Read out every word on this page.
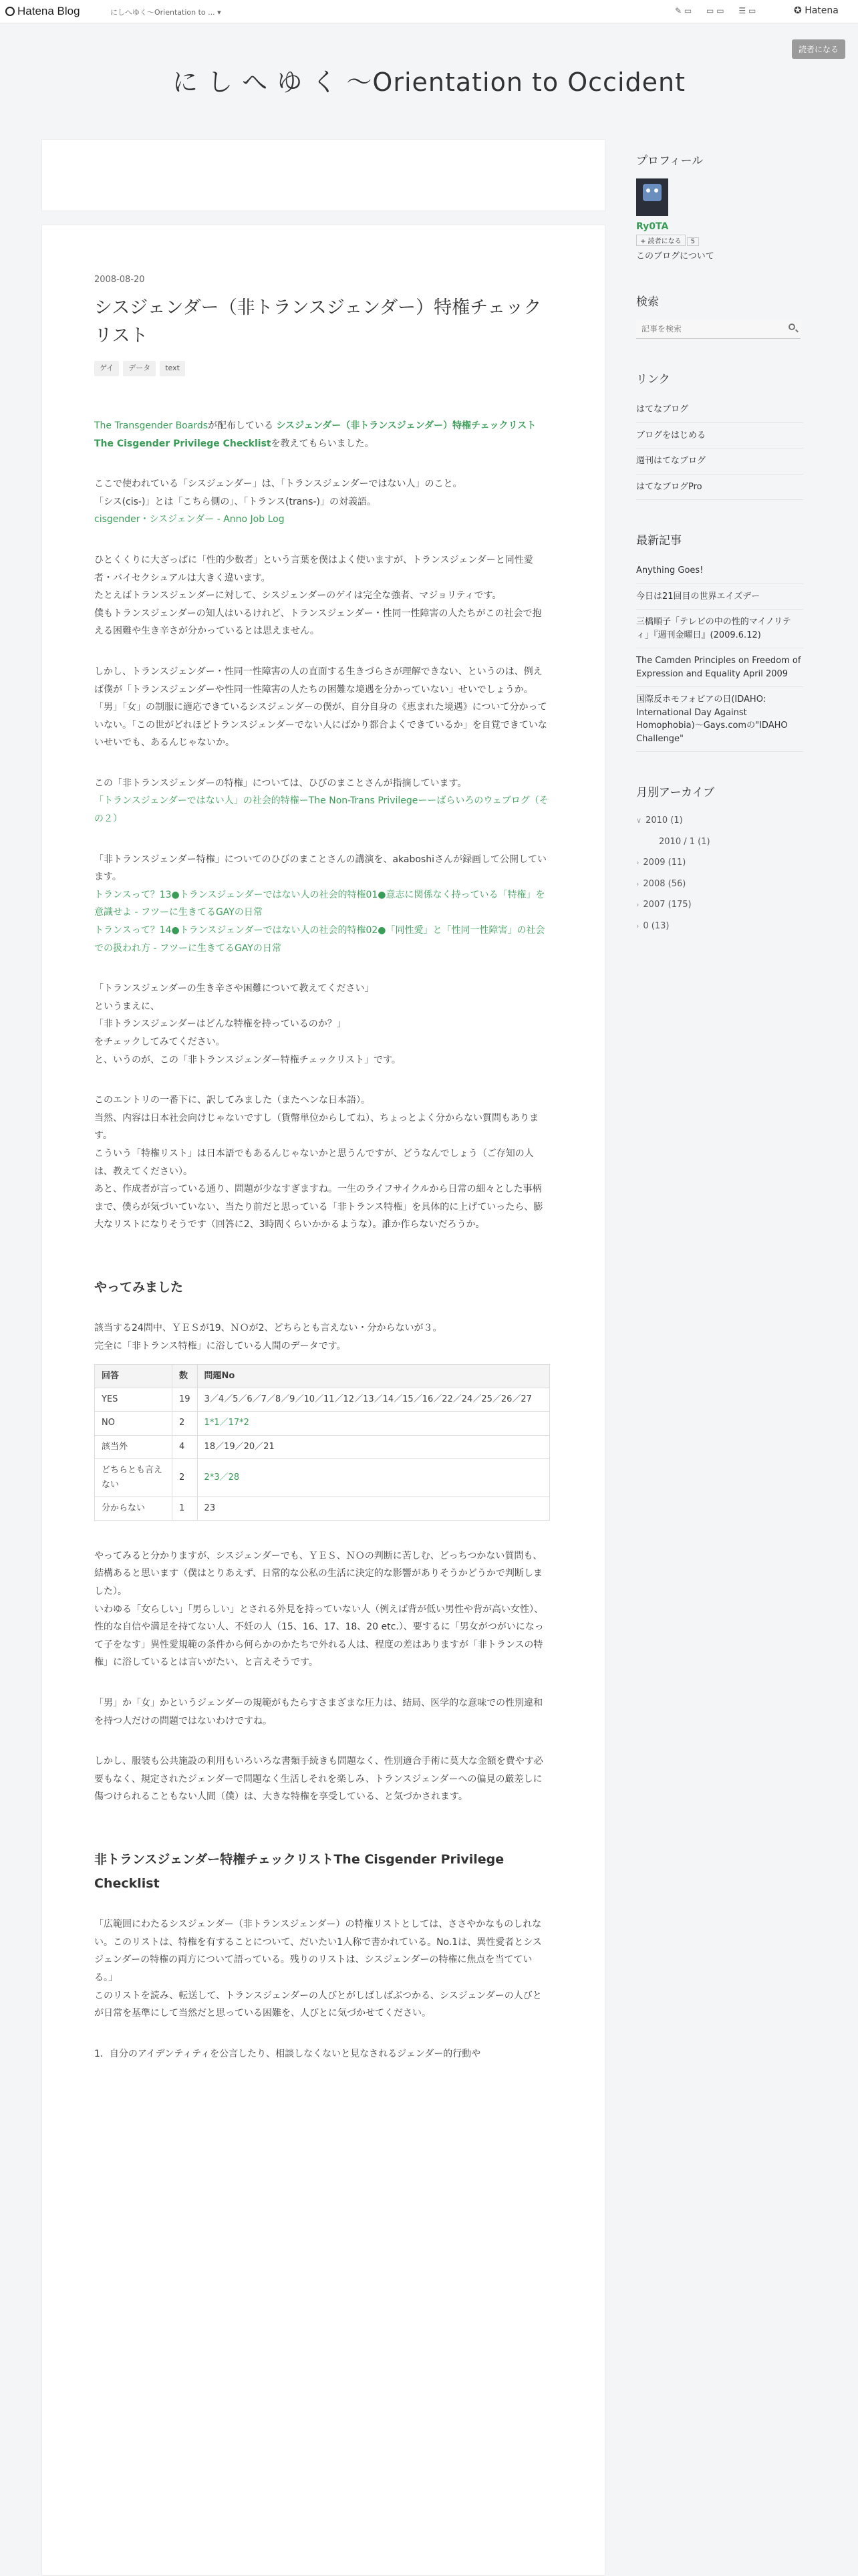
Hatena Blog	にしへゆく〜Orientation to ... ▾	✎ ▭ ▭ ▭ ☰ ▭	✪ Hatena
に し へ ゆ く 〜Orientation to Occident
読者になる
2008-08-20
シスジェンダー（非トランスジェンダー）特権チェックリスト
ゲイ データ text

The Transgender Boardsが配布している シスジェンダー（非トランスジェンダー）特権チェックリストThe Cisgender Privilege Checklistを教えてもらいました。

ここで使われている「シスジェンダー」は、「トランスジェンダーではない人」のこと。
「シス(cis-)」とは「こちら側の」、「トランス(trans-)」の対義語。
cisgender・シスジェンダー - Anno Job Log

ひとくくりに大ざっぱに「性的少数者」という言葉を僕はよく使いますが、トランスジェンダーと同性愛者・バイセクシュアルは大きく違います。
たとえばトランスジェンダーに対して、シスジェンダーのゲイは完全な強者、マジョリティです。
僕もトランスジェンダーの知人はいるけれど、トランスジェンダー・性同一性障害の人たちがこの社会で抱える困難や生き辛さが分かっているとは思えません。

しかし、トランスジェンダー・性同一性障害の人の直面する生きづらさが理解できない、というのは、例えば僕が「トランスジェンダーや性同一性障害の人たちの困難な境遇を分かっていない」せいでしょうか。
「男」「女」の制服に適応できているシスジェンダーの僕が、自分自身の《恵まれた境遇》について分かっていない。「この世がどれほどトランスジェンダーでない人にばかり都合よくできているか」を自覚できていないせいでも、あるんじゃないか。

この「非トランスジェンダーの特権」については、ひびのまことさんが指摘しています。
「トランスジェンダーではない人」の社会的特権ーThe Non-Trans Privilegeーーばらいろのウェブログ（その２）

「非トランスジェンダー特権」についてのひびのまことさんの講演を、akaboshiさんが録画して公開しています。
トランスって？13●トランスジェンダーではない人の社会的特権01●意志に関係なく持っている「特権」を意識せよ - フツーに生きてるGAYの日常
トランスって？14●トランスジェンダーではない人の社会的特権02●「同性愛」と「性同一性障害」の社会での扱われ方 - フツーに生きてるGAYの日常

「トランスジェンダーの生き辛さや困難について教えてください」
というまえに、
「非トランスジェンダーはどんな特権を持っているのか？」
をチェックしてみてください。
と、いうのが、この「非トランスジェンダー特権チェックリスト」です。

このエントリの一番下に、訳してみました（またヘンな日本語）。
当然、内容は日本社会向けじゃないですし（貨幣単位からしてね）、ちょっとよく分からない質問もあります。
こういう「特権リスト」は日本語でもあるんじゃないかと思うんですが、どうなんでしょう（ご存知の人は、教えてください）。
あと、作成者が言っている通り、問題が少なすぎますね。一生のライフサイクルから日常の細々とした事柄まで、僕らが気づいていない、当たり前だと思っている「非トランス特権」を具体的に上げていったら、膨大なリストになりそうです（回答に2、3時間くらいかかるような）。誰か作らないだろうか。

やってみました

該当する24問中、ＹＥＳが19、ＮＯが2、どちらとも言えない・分からないが３。
完全に「非トランス特権」に浴している人間のデータです。

回答	数	問題No
YES	19	3／4／5／6／7／8／9／10／11／12／13／14／15／16／22／24／25／26／27
NO	2	1*1／17*2
該当外	4	18／19／20／21
どちらとも言えない	2	2*3／28
分からない	1	23

やってみると分かりますが、シスジェンダーでも、ＹＥＳ、ＮＯの判断に苦しむ、どっちつかない質問も、結構あると思います（僕はとりあえず、日常的な公私の生活に決定的な影響がありそうかどうかで判断しました）。
いわゆる「女らしい」「男らしい」とされる外見を持っていない人（例えば背が低い男性や背が高い女性）、性的な自信や満足を持てない人、不妊の人（15、16、17、18、20 etc.）、要するに「男女がつがいになって子をなす」異性愛規範の条件から何らかのかたちで外れる人は、程度の差はありますが「非トランスの特権」に浴しているとは言いがたい、と言えそうです。

「男」か「女」かというジェンダーの規範がもたらすさまざまな圧力は、結局、医学的な意味での性別違和を持つ人だけの問題ではないわけですね。

しかし、服装も公共施設の利用もいろいろな書類手続きも問題なく、性別適合手術に莫大な金額を費やす必要もなく、規定されたジェンダーで問題なく生活しそれを楽しみ、トランスジェンダーへの偏見の厳差しに傷つけられることもない人間（僕）は、大きな特権を享受している、と気づかされます。

非トランスジェンダー特権チェックリストThe Cisgender Privilege Checklist

「広範囲にわたるシスジェンダー（非トランスジェンダー）の特権リストとしては、ささやかなものしれない。このリストは、特権を有することについて、だいたい1人称で書かれている。No.1は、異性愛者とシスジェンダーの特権の両方について語っている。残りのリストは、シスジェンダーの特権に焦点を当てている。」
このリストを読み、転送して、トランスジェンダーの人びとがしばしばぶつかる、シスジェンダーの人びとが日常を基準にして当然だと思っている困難を、人びとに気づかせてください。

1．自分のアイデンティティを公言したり、相談しなくないと見なされるジェンダー的行動や

プロフィール
Ry0TA
+ 読者になる 5
このブログについて
検索
記事を検索
リンク
はてなブログ
ブログをはじめる
週刊はてなブログ
はてなブログPro
最新記事
Anything Goes!
今日は21回目の世界エイズデー
三橋順子「テレビの中の性的マイノリティ」『週刊金曜日』(2009.6.12)
The Camden Principles on Freedom of Expression and Equality April 2009
国際反ホモフォビアの日(IDAHO: International Day Against Homophobia)〜Gays.comの"IDAHO Challenge"
月別アーカイブ
∨ 2010 (1)
2010 / 1 (1)
› 2009 (11)
› 2008 (56)
› 2007 (175)
› 0 (13)
